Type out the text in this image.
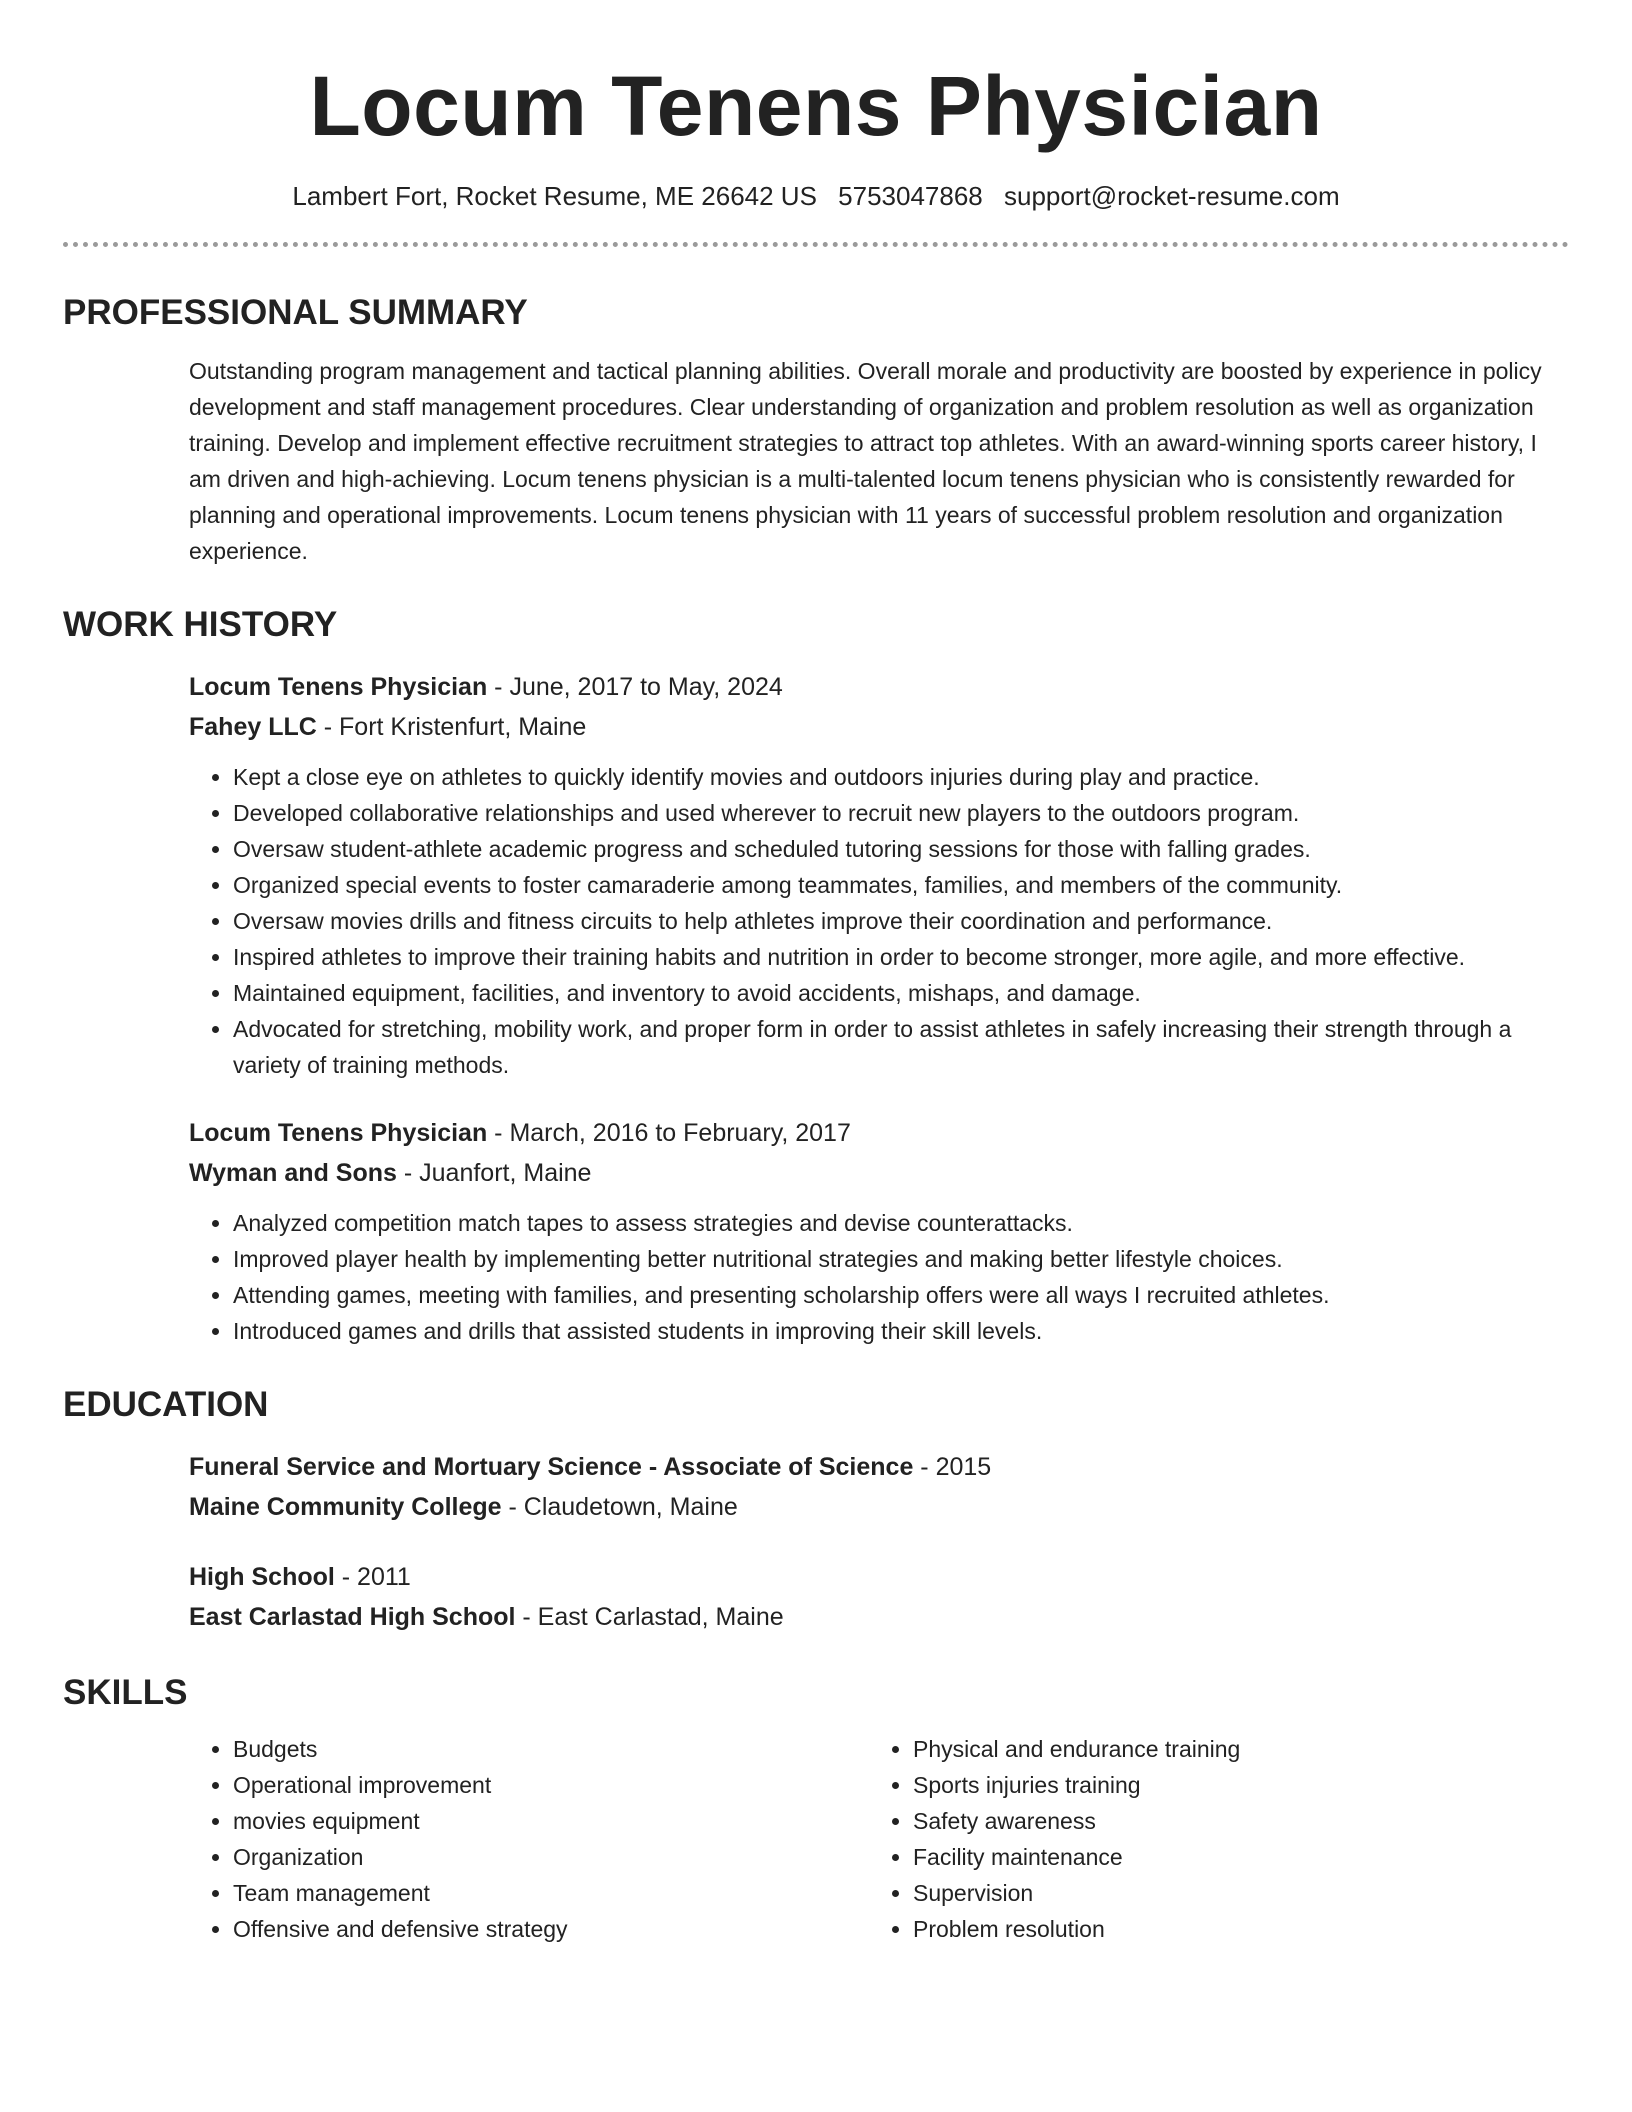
Locum Tenens Physician
Lambert Fort, Rocket Resume, ME 26642 US 5753047868 support@rocket-resume.com
PROFESSIONAL SUMMARY

Outstanding program management and tactical planning abilities. Overall morale and productivity are boosted by experience in policy development and staff management procedures. Clear understanding of organization and problem resolution as well as organization training. Develop and implement effective recruitment strategies to attract top athletes. With an award-winning sports career history, I am driven and high-achieving. Locum tenens physician is a multi-talented locum tenens physician who is consistently rewarded for planning and operational improvements. Locum tenens physician with 11 years of successful problem resolution and organization experience.

WORK HISTORY
Locum Tenens Physician - June, 2017 to May, 2024
Fahey LLC - Fort Kristenfurt, Maine
• Kept a close eye on athletes to quickly identify movies and outdoors injuries during play and practice.
• Developed collaborative relationships and used wherever to recruit new players to the outdoors program.
• Oversaw student-athlete academic progress and scheduled tutoring sessions for those with falling grades.
• Organized special events to foster camaraderie among teammates, families, and members of the community.
• Oversaw movies drills and fitness circuits to help athletes improve their coordination and performance.
• Inspired athletes to improve their training habits and nutrition in order to become stronger, more agile, and more effective.
• Maintained equipment, facilities, and inventory to avoid accidents, mishaps, and damage.
• Advocated for stretching, mobility work, and proper form in order to assist athletes in safely increasing their strength through a variety of training methods.
Locum Tenens Physician - March, 2016 to February, 2017
Wyman and Sons - Juanfort, Maine
• Analyzed competition match tapes to assess strategies and devise counterattacks.
• Improved player health by implementing better nutritional strategies and making better lifestyle choices.
• Attending games, meeting with families, and presenting scholarship offers were all ways I recruited athletes.
• Introduced games and drills that assisted students in improving their skill levels.
EDUCATION
Funeral Service and Mortuary Science - Associate of Science - 2015
Maine Community College - Claudetown, Maine
High School - 2011
East Carlastad High School - East Carlastad, Maine
SKILLS
• Budgets
• Operational improvement
• movies equipment
• Organization
• Team management
• Offensive and defensive strategy
• Physical and endurance training
• Sports injuries training
• Safety awareness
• Facility maintenance
• Supervision
• Problem resolution
